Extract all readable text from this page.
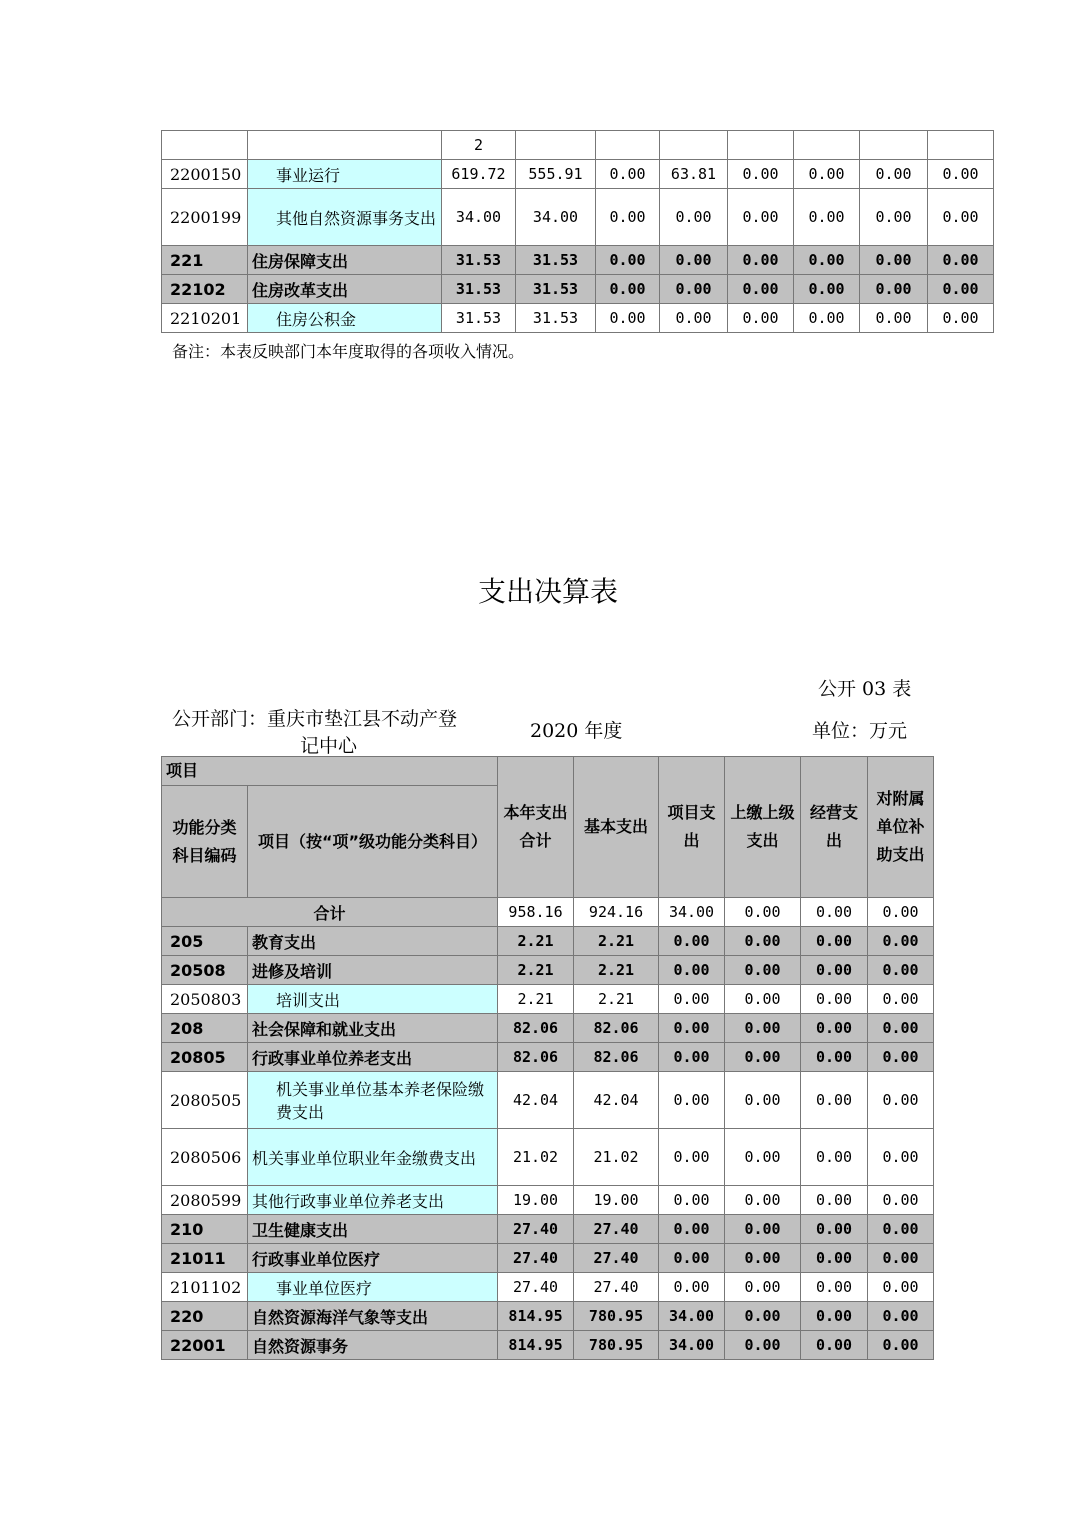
		2							
2200150	事业运行	619.72	555.91	0.00	63.81	0.00	0.00	0.00	0.00
2200199	其他自然资源事务支出	34.00	34.00	0.00	0.00	0.00	0.00	0.00	0.00
221	住房保障支出	31.53	31.53	0.00	0.00	0.00	0.00	0.00	0.00
22102	住房改革支出	31.53	31.53	0.00	0.00	0.00	0.00	0.00	0.00
2210201	住房公积金	31.53	31.53	0.00	0.00	0.00	0.00	0.00	0.00
备注：本表反映部门本年度取得的各项收入情况。
支出决算表
公开 03 表
公开部门：重庆市垫江县不动产登
记中心
2020 年度	单位：万元
项目		本年支出合计	基本支出	项目支出	上缴上级支出	经营支出	对附属单位补助支出
功能分类科目编码	项目（按“项”级功能分类科目）						
合计		958.16	924.16	34.00	0.00	0.00	0.00
205	教育支出	2.21	2.21	0.00	0.00	0.00	0.00
20508	进修及培训	2.21	2.21	0.00	0.00	0.00	0.00
2050803	培训支出	2.21	2.21	0.00	0.00	0.00	0.00
208	社会保障和就业支出	82.06	82.06	0.00	0.00	0.00	0.00
20805	行政事业单位养老支出	82.06	82.06	0.00	0.00	0.00	0.00
2080505	机关事业单位基本养老保险缴费支出	42.04	42.04	0.00	0.00	0.00	0.00
2080506	机关事业单位职业年金缴费支出	21.02	21.02	0.00	0.00	0.00	0.00
2080599	其他行政事业单位养老支出	19.00	19.00	0.00	0.00	0.00	0.00
210	卫生健康支出	27.40	27.40	0.00	0.00	0.00	0.00
21011	行政事业单位医疗	27.40	27.40	0.00	0.00	0.00	0.00
2101102	事业单位医疗	27.40	27.40	0.00	0.00	0.00	0.00
220	自然资源海洋气象等支出	814.95	780.95	34.00	0.00	0.00	0.00
22001	自然资源事务	814.95	780.95	34.00	0.00	0.00	0.00
